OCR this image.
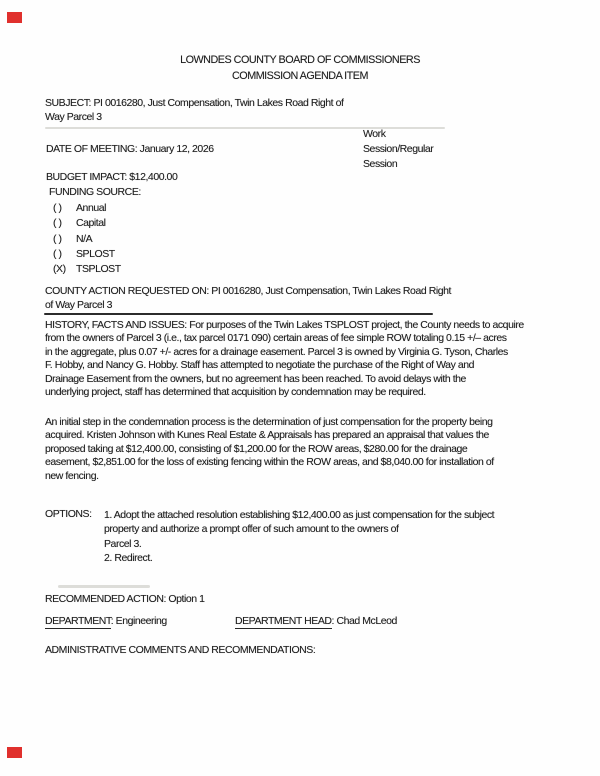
LOWNDES COUNTY BOARD OF COMMISSIONERS
COMMISSION AGENDA ITEM
SUBJECT: PI 0016280, Just Compensation, Twin Lakes Road Right of
Way Parcel 3
Work
Session/Regular
Session
DATE OF MEETING: January 12, 2026
BUDGET IMPACT: $12,400.00
FUNDING SOURCE:
( ) Annual
( ) Capital
( ) N/A
( ) SPLOST
(X) TSPLOST
COUNTY ACTION REQUESTED ON: PI 0016280, Just Compensation, Twin Lakes Road Right
of Way Parcel 3
HISTORY, FACTS AND ISSUES: For purposes of the Twin Lakes TSPLOST project, the County needs to acquire
from the owners of Parcel 3 (i.e., tax parcel 0171 090) certain areas of fee simple ROW totaling 0.15 +/– acres
in the aggregate, plus 0.07 +/- acres for a drainage easement. Parcel 3 is owned by Virginia G. Tyson, Charles
F. Hobby, and Nancy G. Hobby. Staff has attempted to negotiate the purchase of the Right of Way and
Drainage Easement from the owners, but no agreement has been reached. To avoid delays with the
underlying project, staff has determined that acquisition by condemnation may be required.
An initial step in the condemnation process is the determination of just compensation for the property being
acquired. Kristen Johnson with Kunes Real Estate & Appraisals has prepared an appraisal that values the
proposed taking at $12,400.00, consisting of $1,200.00 for the ROW areas, $280.00 for the drainage
easement, $2,851.00 for the loss of existing fencing within the ROW areas, and $8,040.00 for installation of
new fencing.
OPTIONS: 1. Adopt the attached resolution establishing $12,400.00 as just compensation for the subject
property and authorize a prompt offer of such amount to the owners of
Parcel 3.
2. Redirect.
RECOMMENDED ACTION: Option 1
DEPARTMENT: Engineering	DEPARTMENT HEAD: Chad McLeod
ADMINISTRATIVE COMMENTS AND RECOMMENDATIONS:
